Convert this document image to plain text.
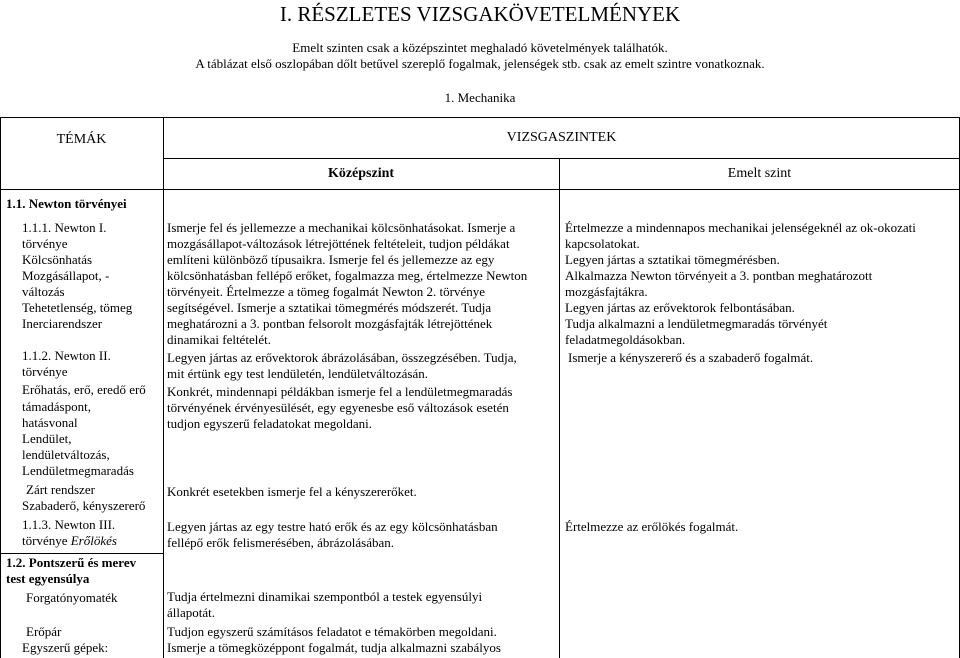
I. RÉSZLETES VIZSGAKÖVETELMÉNYEK
Emelt szinten csak a középszintet meghaladó követelmények találhatók.
A táblázat első oszlopában dőlt betűvel szereplő fogalmak, jelenségek stb. csak az emelt szintre vonatkoznak.
1. Mechanika
TÉMÁK	VIZSGASZINTEK
Középszint	Emelt szint
1.1. Newton törvényei
1.1.1. Newton I.
törvénye
Kölcsönhatás
Mozgásállapot, -
változás
Tehetetlenség, tömeg
Inerciarendszer
1.1.2. Newton II.
törvénye
Erőhatás, erő, eredő erő
támadáspont,
hatásvonal
Lendület,
lendületváltozás,
Lendületmegmaradás
Zárt rendszer
Szabaderő, kényszererő
1.1.3. Newton III.
törvénye Erőlökés
1.2. Pontszerű és merev
test egyensúlya
Forgatónyomaték
Erőpár
Egyszerű gépek:
Ismerje fel és jellemezze a mechanikai kölcsönhatásokat. Ismerje a
mozgásállapot-változások létrejöttének feltételeit, tudjon példákat
említeni különböző típusaikra. Ismerje fel és jellemezze az egy
kölcsönhatásban fellépő erőket, fogalmazza meg, értelmezze Newton
törvényeit. Értelmezze a tömeg fogalmát Newton 2. törvénye
segítségével. Ismerje a sztatikai tömegmérés módszerét. Tudja
meghatározni a 3. pontban felsorolt mozgásfajták létrejöttének
dinamikai feltételét.
Legyen jártas az erővektorok ábrázolásában, összegzésében. Tudja,
mit értünk egy test lendületén, lendületváltozásán.
Konkrét, mindennapi példákban ismerje fel a lendületmegmaradás
törvényének érvényesülését, egy egyenesbe eső változások esetén
tudjon egyszerű feladatokat megoldani.
Konkrét esetekben ismerje fel a kényszererőket.
Legyen jártas az egy testre ható erők és az egy kölcsönhatásban
fellépő erők felismerésében, ábrázolásában.
Tudja értelmezni dinamikai szempontból a testek egyensúlyi
állapotát.
Tudjon egyszerű számításos feladatot e témakörben megoldani.
Ismerje a tömegközéppont fogalmát, tudja alkalmazni szabályos
Értelmezze a mindennapos mechanikai jelenségeknél az ok-okozati
kapcsolatokat.
Legyen jártas a sztatikai tömegmérésben.
Alkalmazza Newton törvényeit a 3. pontban meghatározott
mozgásfajtákra.
Legyen jártas az erővektorok felbontásában.
Tudja alkalmazni a lendületmegmaradás törvényét
feladatmegoldásokban.
Ismerje a kényszererő és a szabaderő fogalmát.
Értelmezze az erőlökés fogalmát.
